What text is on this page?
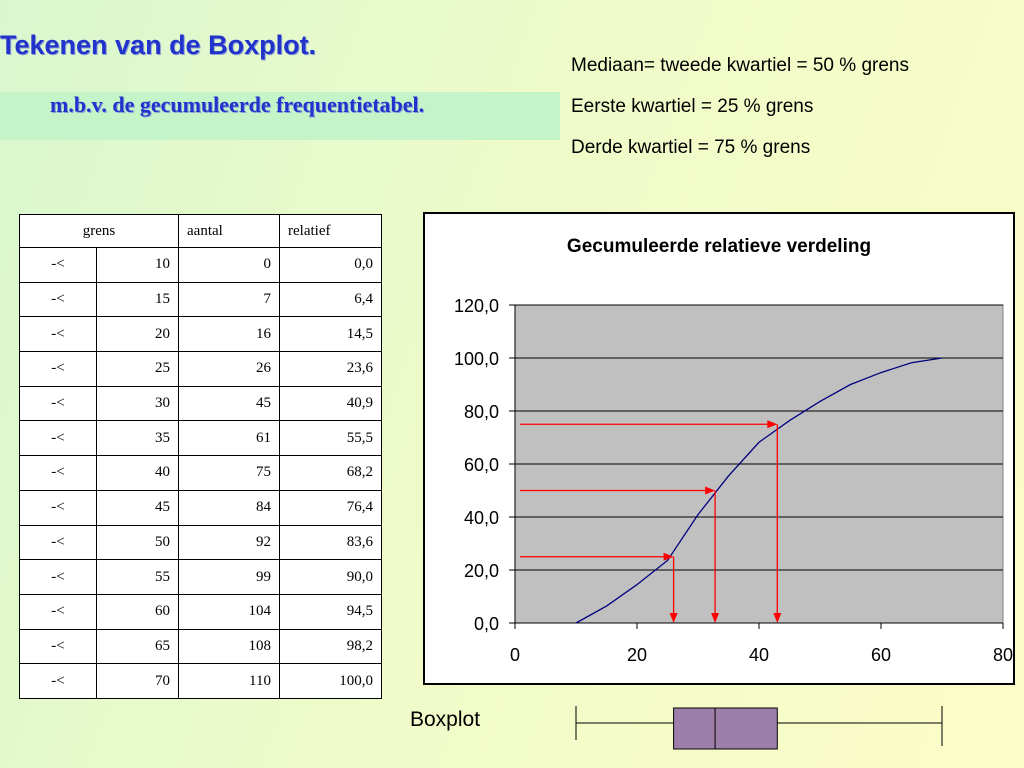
Tekenen van de Boxplot.
m.b.v. de gecumuleerde frequentietabel.
Mediaan= tweede kwartiel = 50 % grens
Eerste kwartiel = 25 % grens
Derde kwartiel = 75 % grens
grens		aantal	relatief
-<	10	0	0,0
-<	15	7	6,4
-<	20	16	14,5
-<	25	26	23,6
-<	30	45	40,9
-<	35	61	55,5
-<	40	75	68,2
-<	45	84	76,4
-<	50	92	83,6
-<	55	99	90,0
-<	60	104	94,5
-<	65	108	98,2
-<	70	110	100,0
Gecumuleerde relatieve verdeling
0,0
20,0
40,0
60,0
80,0
100,0
120,0
0	20	40	60	80
Boxplot
